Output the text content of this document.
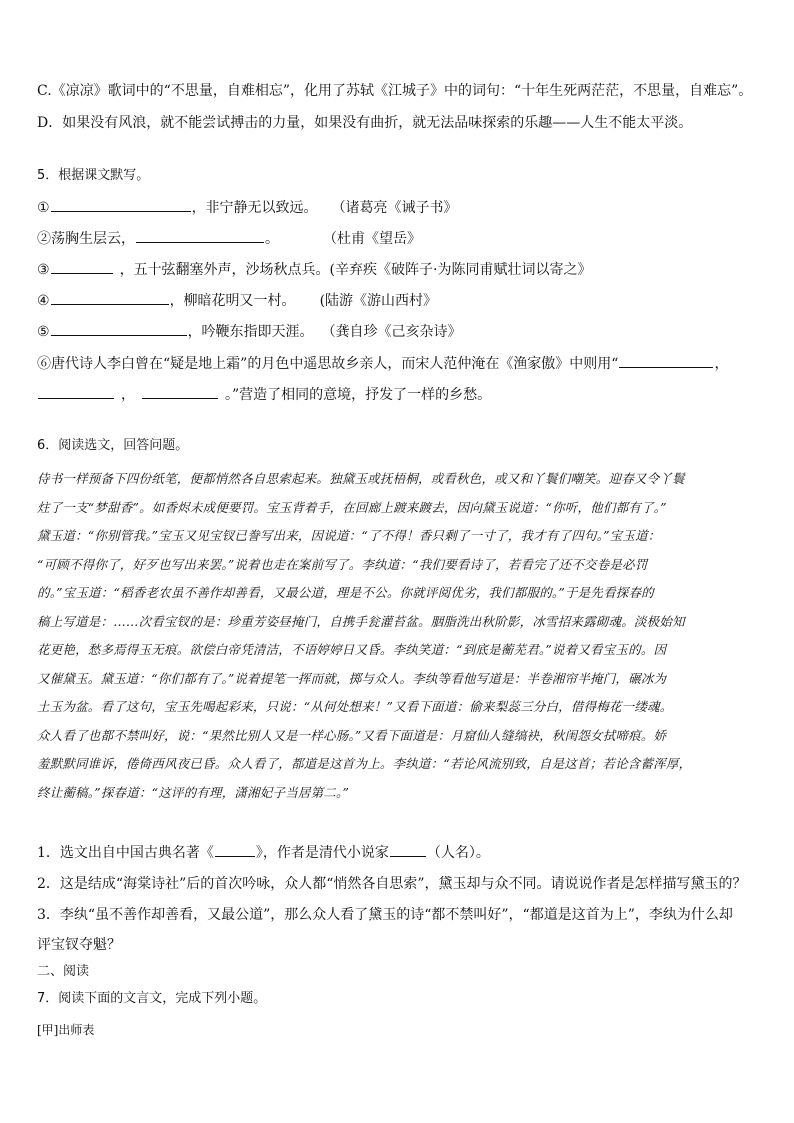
C.《凉凉》歌词中的“不思量，自难相忘”，化用了苏轼《江城子》中的词句：“十年生死两茫茫，不思量，自难忘”。
D．如果没有风浪，就不能尝试搏击的力量，如果没有曲折，就无法品味探索的乐趣——人生不能太平淡。
5．根据课文默写。
①	，非宁静无以致远。 （诸葛亮《诫子书》
②荡胸生层云，	。	（杜甫《望岳》
③	，五十弦翻塞外声，沙场秋点兵。(辛弃疾《破阵子·为陈同甫赋壮词以寄之》
④	，柳暗花明又一村。 (陆游《游山西村》
⑤	，吟鞭东指即天涯。 （龚自珍《己亥杂诗》
⑥唐代诗人李白曾在“疑是地上霜”的月色中遥思故乡亲人，而宋人范仲淹在《渔家傲》中则用“	，
，	。”营造了相同的意境，抒发了一样的乡愁。
6．阅读选文，回答问题。

侍书一样预备下四份纸笔，便都悄然各自思索起来。独黛玉或抚梧桐，或看秋色，或又和丫鬟们嘲笑。迎春又令丫鬟

炷了一支“梦甜香”。如香烬未成便要罚。宝玉背着手，在回廊上踱来踱去，因向黛玉说道：“你听，他们都有了。”

黛玉道：“你别管我。”宝玉又见宝钗已誊写出来，因说道：“了不得！香只剩了一寸了，我才有了四句。”宝玉道：

“可顾不得你了，好歹也写出来罢。”说着也走在案前写了。李纨道：“我们要看诗了，若看完了还不交卷是必罚

的。”宝玉道：“稻香老农虽不善作却善看，又最公道，理是不公。你就评阅优劣，我们都服的。”于是先看探春的

稿上写道是：……次看宝钗的是：珍重芳姿昼掩门，自携手瓮灌苔盆。胭脂洗出秋阶影，冰雪招来露砌魂。淡极始知

花更艳，愁多焉得玉无痕。欲偿白帝凭清洁，不语婷婷日又昏。李纨笑道：“到底是蘅芜君。”说着又看宝玉的。因

又催黛玉。黛玉道：“你们都有了。”说着提笔一挥而就，掷与众人。李纨等看他写道是：半卷湘帘半掩门，碾冰为

土玉为盆。看了这句，宝玉先喝起彩来，只说：“从何处想来！”又看下面道：偷来梨蕊三分白，借得梅花一缕魂。

众人看了也都不禁叫好，说：“果然比别人又是一样心肠。”又看下面道是：月窟仙人缝缟袂，秋闺怨女拭啼痕。娇

羞默默同谁诉，倦倚西风夜已昏。众人看了，都道是这首为上。李纨道：“若论风流别致，自是这首；若论含蓄浑厚，

终让蘅稿。”探春道：“这评的有理，潇湘妃子当居第二。”

1．选文出自中国古典名著《	》，作者是清代小说家	（人名）。
2．这是结成“海棠诗社”后的首次吟咏，众人都“悄然各自思索”，黛玉却与众不同。请说说作者是怎样描写黛玉的？
3．李纨“虽不善作却善看，又最公道”，那么众人看了黛玉的诗“都不禁叫好”，“都道是这首为上”，李纨为什么却
评宝钗夺魁？
二、阅读
7．阅读下面的文言文，完成下列小题。
[甲]出师表
